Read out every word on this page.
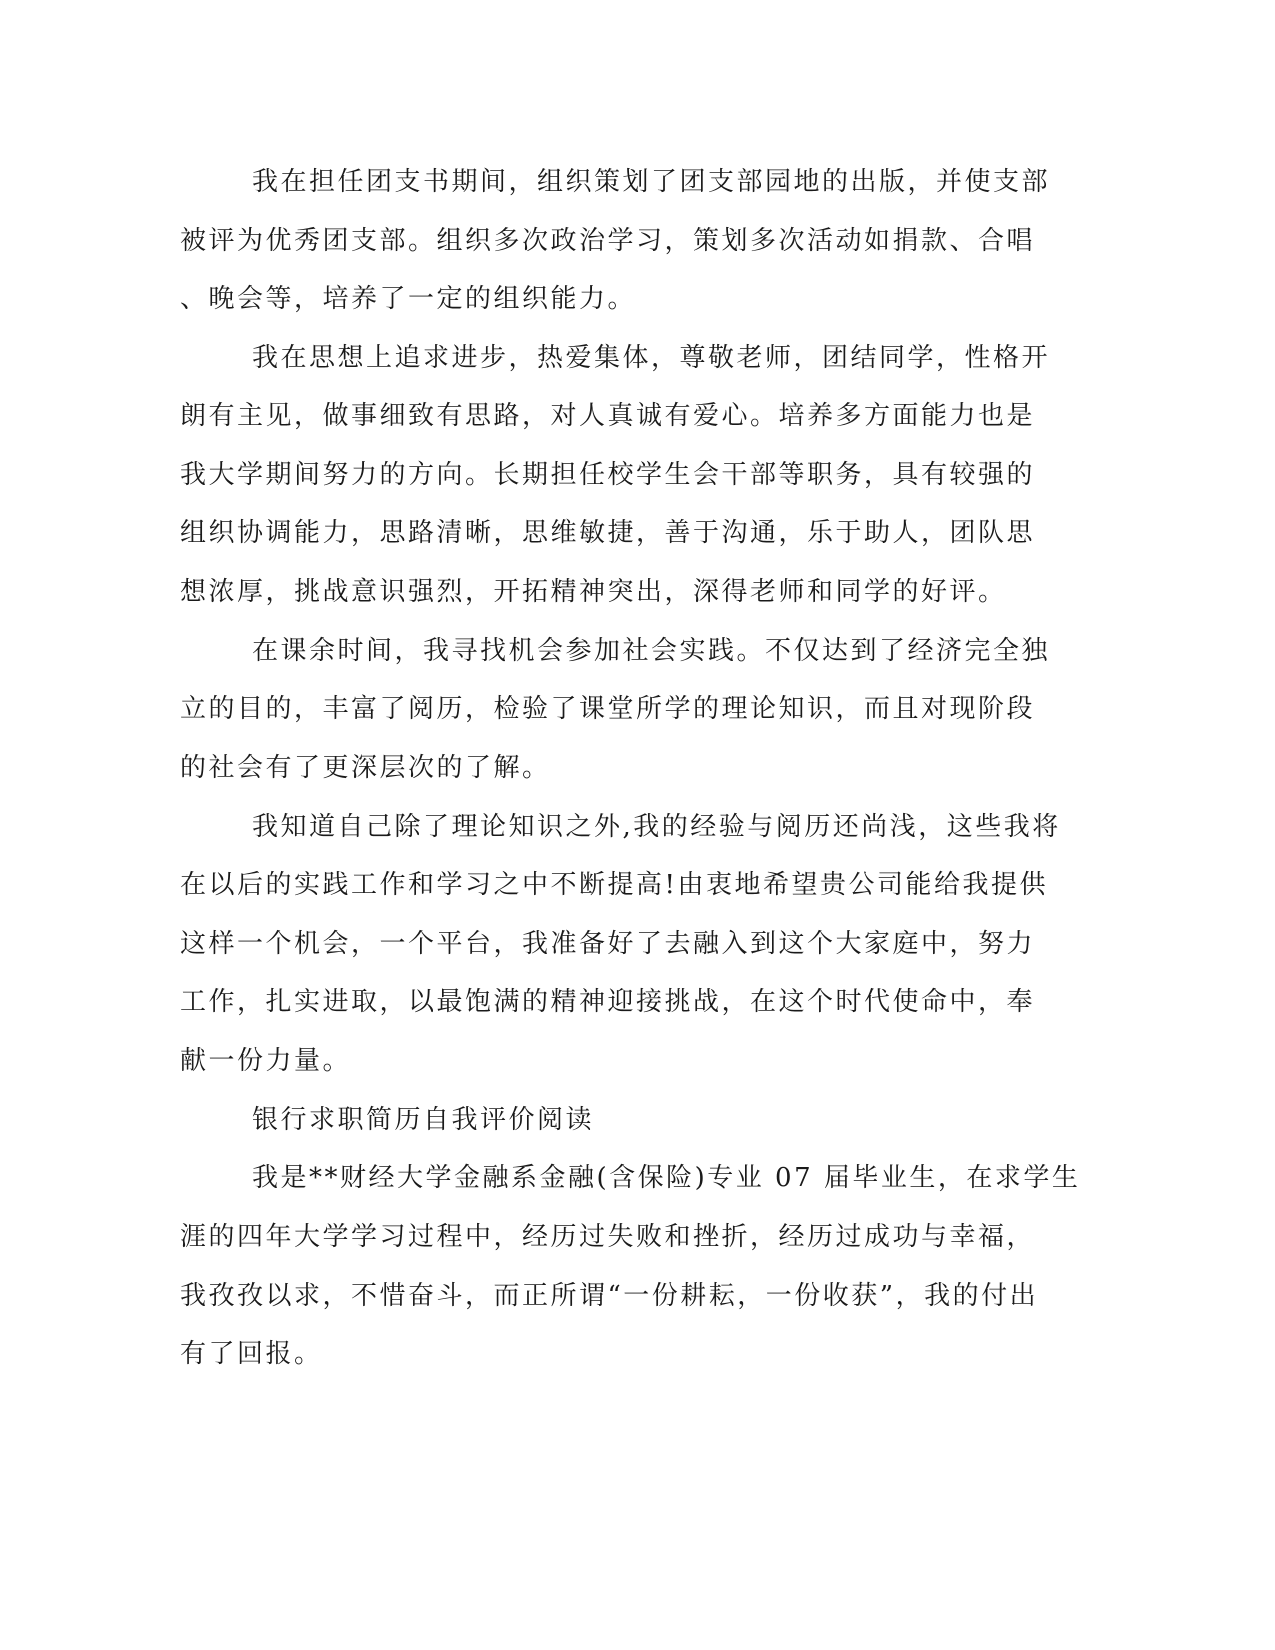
我在担任团支书期间，组织策划了团支部园地的出版，并使支部
被评为优秀团支部。组织多次政治学习，策划多次活动如捐款、合唱
、晚会等，培养了一定的组织能力。
我在思想上追求进步，热爱集体，尊敬老师，团结同学，性格开
朗有主见，做事细致有思路，对人真诚有爱心。培养多方面能力也是
我大学期间努力的方向。长期担任校学生会干部等职务，具有较强的
组织协调能力，思路清晰，思维敏捷，善于沟通，乐于助人，团队思
想浓厚，挑战意识强烈，开拓精神突出，深得老师和同学的好评。
在课余时间，我寻找机会参加社会实践。不仅达到了经济完全独
立的目的，丰富了阅历，检验了课堂所学的理论知识，而且对现阶段
的社会有了更深层次的了解。
我知道自己除了理论知识之外,我的经验与阅历还尚浅，这些我将
在以后的实践工作和学习之中不断提高!由衷地希望贵公司能给我提供
这样一个机会，一个平台，我准备好了去融入到这个大家庭中，努力
工作，扎实进取，以最饱满的精神迎接挑战，在这个时代使命中，奉
献一份力量。
银行求职简历自我评价阅读
我是**财经大学金融系金融(含保险)专业 07 届毕业生，在求学生
涯的四年大学学习过程中，经历过失败和挫折，经历过成功与幸福，
我孜孜以求，不惜奋斗，而正所谓“一份耕耘，一份收获”，我的付出
有了回报。
